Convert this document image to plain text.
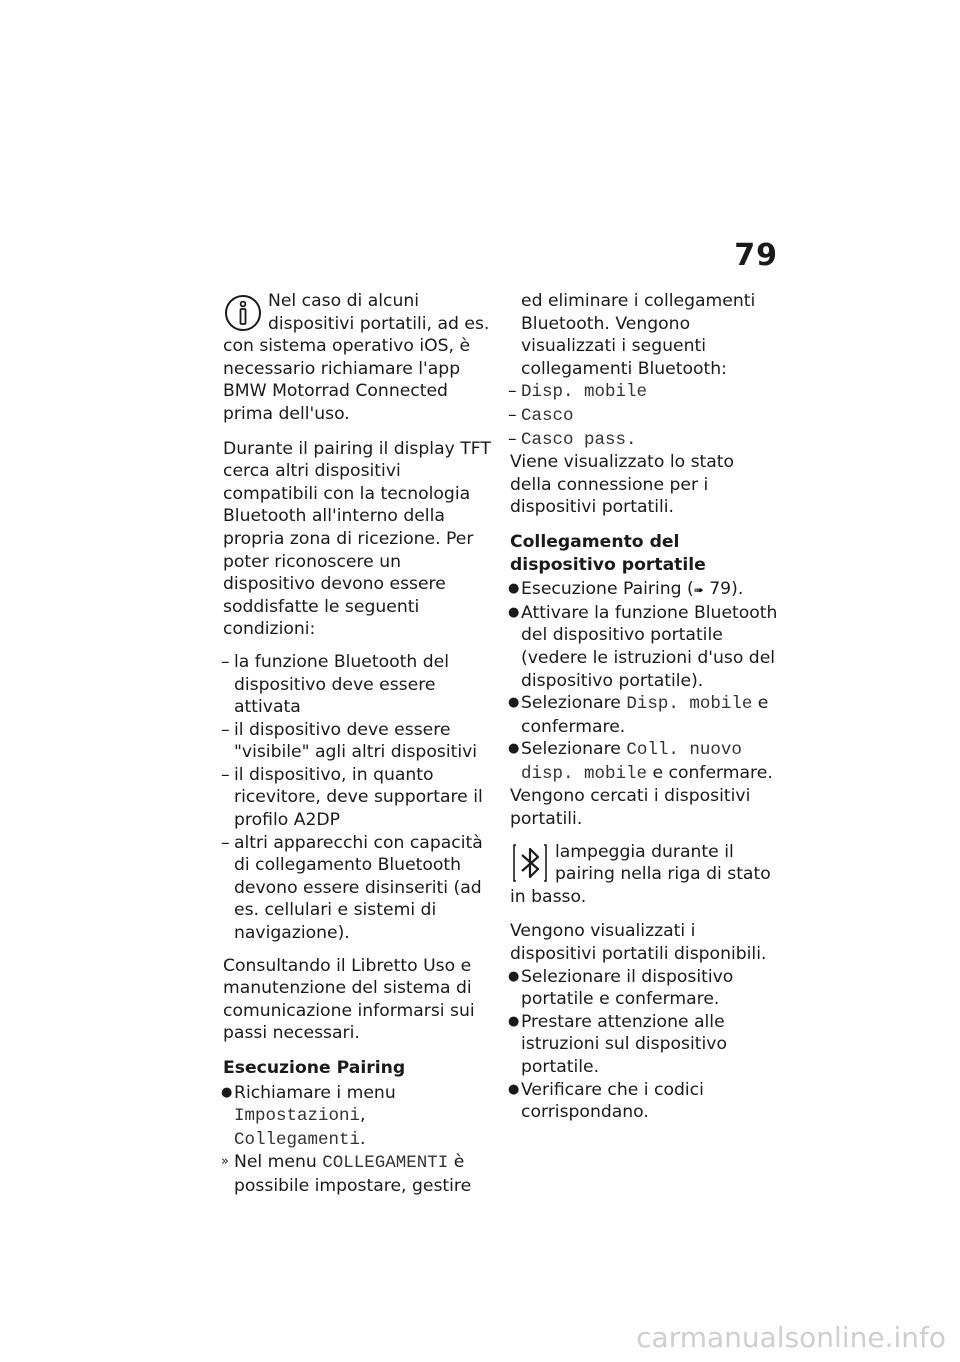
79
Nel caso di alcuni dispositivi portatili, ad es. con sistema operativo iOS, è necessario richiamare l'app BMW Motorrad Connected prima dell'uso.

Durante il pairing il display TFT cerca altri dispositivi compatibili con la tecnologia Bluetooth all'interno della propria zona di ricezione. Per poter riconoscere un dispositivo devono essere soddisfatte le seguenti condizioni:

– la funzione Bluetooth del dispositivo deve essere attivata
– il dispositivo deve essere "visibile" agli altri dispositivi
– il dispositivo, in quanto ricevitore, deve supportare il profilo A2DP
– altri apparecchi con capacità di collegamento Bluetooth devono essere disinseriti (ad es. cellulari e sistemi di navigazione).

Consultando il Libretto Uso e manutenzione del sistema di comunicazione informarsi sui passi necessari.

Esecuzione Pairing
● Richiamare i menu Impostazioni, Collegamenti.
» Nel menu COLLEGAMENTI è possibile impostare, gestire

ed eliminare i collegamenti Bluetooth. Vengono visualizzati i seguenti collegamenti Bluetooth:

– Disp. mobile
– Casco
– Casco pass.

Viene visualizzato lo stato della connessione per i dispositivi portatili.

Collegamento del dispositivo portatile
● Esecuzione Pairing (➠ 79).
● Attivare la funzione Bluetooth del dispositivo portatile (vedere le istruzioni d'uso del dispositivo portatile).
● Selezionare Disp. mobile e confermare.
● Selezionare Coll. nuovo disp. mobile e confermare.

Vengono cercati i dispositivi portatili.

lampeggia durante il pairing nella riga di stato in basso.

Vengono visualizzati i dispositivi portatili disponibili.

● Selezionare il dispositivo portatile e confermare.
● Prestare attenzione alle istruzioni sul dispositivo portatile.
● Verificare che i codici corrispondano.
carmanualsonline.info
